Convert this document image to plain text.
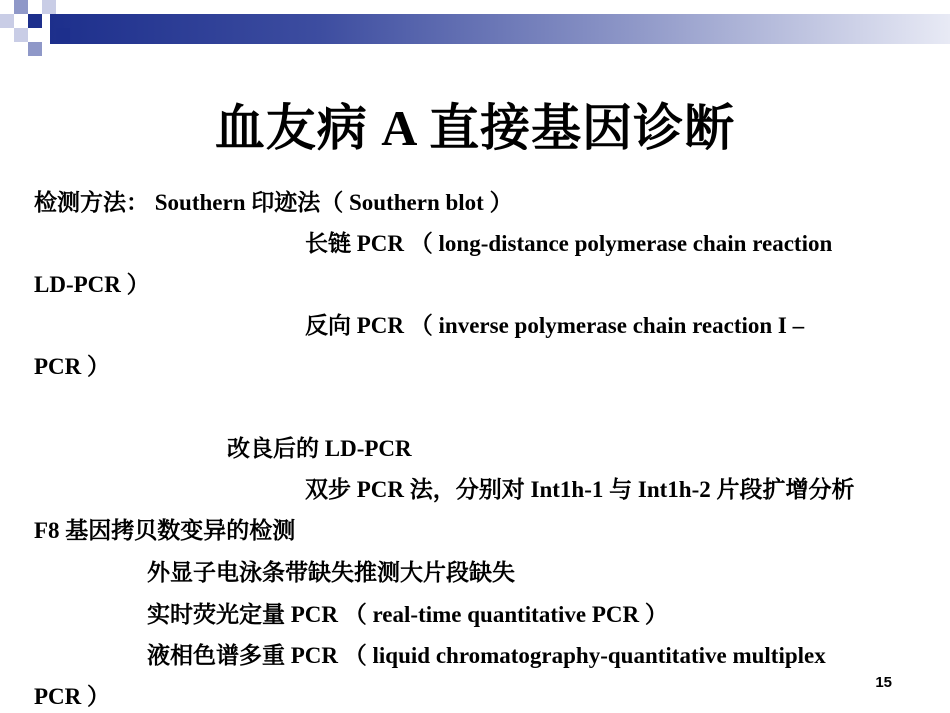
血友病 A 直接基因诊断
检测方法： Southern 印迹法（ Southern blot ）
长链 PCR （ long-distance polymerase chain reaction
LD-PCR ）
反向 PCR （ inverse polymerase chain reaction I –
PCR ）
改良后的 LD-PCR
双步 PCR 法，分别对 Int1h-1 与 Int1h-2 片段扩增分析
F8 基因拷贝数变异的检测
外显子电泳条带缺失推测大片段缺失
实时荧光定量 PCR （ real-time quantitative PCR ）
液相色谱多重 PCR （ liquid chromatography-quantitative multiplex
PCR ）
15
